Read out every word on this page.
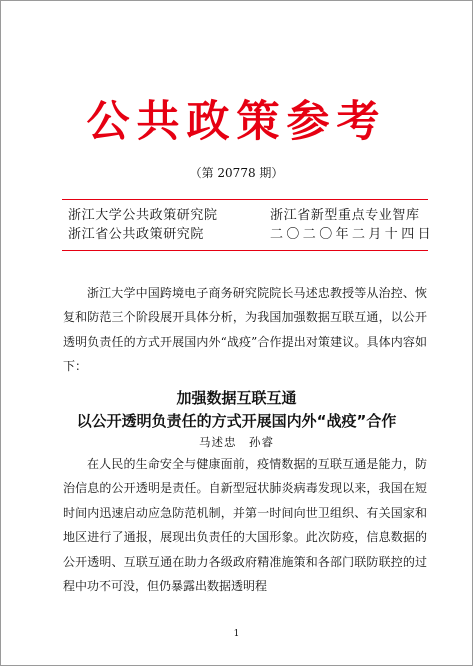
公共政策参考
（第 20778 期）
浙江大学公共政策研究院
浙江省公共政策研究院
浙江省新型重点专业智库
二〇二〇年二月十四日
浙江大学中国跨境电子商务研究院院长马述忠教授等从治控、恢复和防范三个阶段展开具体分析，为我国加强数据互联互通，以公开透明负责任的方式开展国内外“战疫”合作提出对策建议。具体内容如下：
加强数据互联互通
以公开透明负责任的方式开展国内外“战疫”合作
马述忠　孙睿
在人民的生命安全与健康面前，疫情数据的互联互通是能力，防治信息的公开透明是责任。自新型冠状肺炎病毒发现以来，我国在短时间内迅速启动应急防范机制，并第一时间向世卫组织、有关国家和地区进行了通报，展现出负责任的大国形象。此次防疫，信息数据的公开透明、互联互通在助力各级政府精准施策和各部门联防联控的过程中功不可没，但仍暴露出数据透明程
1
